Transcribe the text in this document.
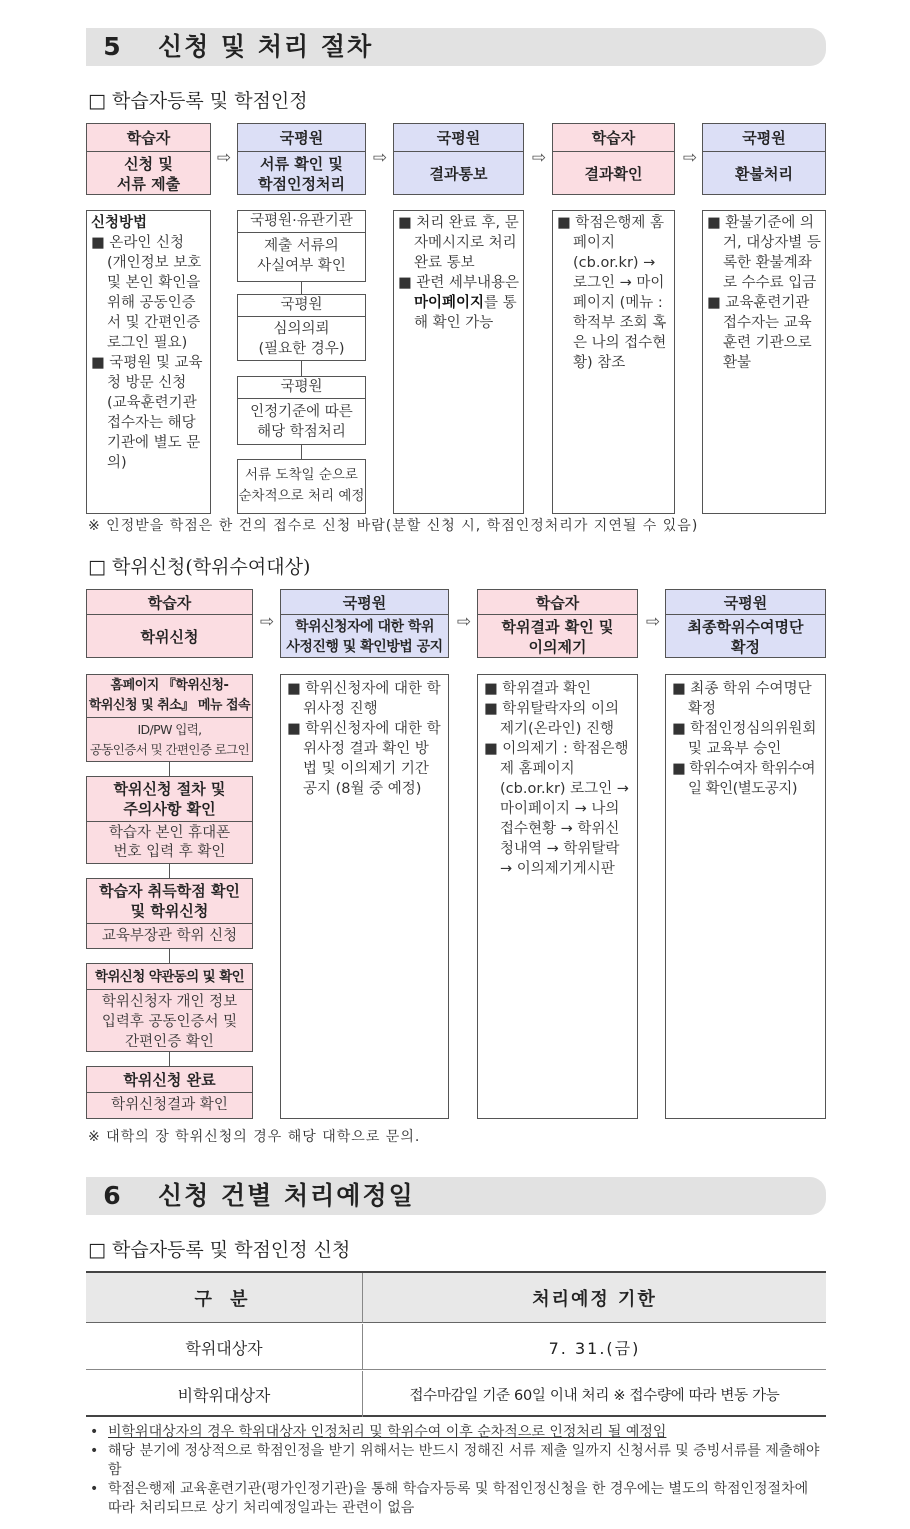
5	신청 및 처리 절차
□ 학습자등록 및 학점인정
학습자
신청 및
서류 제출
⇨
국평원
서류 확인 및
학점인정처리
⇨
국평원
결과통보
⇨
학습자
결과확인
⇨
국평원
환불처리

신청방법

■ 온라인 신청 (개인정보 보호 및 본인 확인을 위해 공동인증서 및 간편인증 로그인 필요)

■ 국평원 및 교육청 방문 신청 (교육훈련기관 접수자는 해당기관에 별도 문의)

국평원·유관기관
제출 서류의
사실여부 확인
국평원
심의의뢰
(필요한 경우)
국평원
인정기준에 따른
해당 학점처리
서류 도착일 순으로
순차적으로 처리 예정

■ 처리 완료 후, 문자메시지로 처리완료 통보

■ 관련 세부내용은
마이페이지를 통해 확인 가능

■ 학점은행제 홈페이지 (cb.or.kr) → 로그인 → 마이페이지 (메뉴 : 학적부 조회 혹은 나의 접수현황) 참조

■ 환불기준에 의거, 대상자별 등록한 환불계좌로 수수료 입금

■ 교육훈련기관 접수자는 교육훈련 기관으로 환불

※ 인정받을 학점은 한 건의 접수로 신청 바람(분할 신청 시, 학점인정처리가 지연될 수 있음)
□ 학위신청(학위수여대상)
학습자
학위신청
⇨
국평원
학위신청자에 대한 학위
사정진행 및 확인방법 공지
⇨
학습자
학위결과 확인 및
이의제기
⇨
국평원
최종학위수여명단
확정
홈페이지 『학위신청-
학위신청 및 취소』 메뉴 접속
ID/PW 입력,
공동인증서 및 간편인증 로그인
학위신청 절차 및
주의사항 확인
학습자 본인 휴대폰
번호 입력 후 확인
학습자 취득학점 확인
및 학위신청
교육부장관 학위 신청
학위신청 약관동의 및 확인
학위신청자 개인 정보
입력후 공동인증서 및
간편인증 확인
학위신청 완료
학위신청결과 확인

■ 학위신청자에 대한 학위사정 진행

■ 학위신청자에 대한 학위사정 결과 확인 방법 및 이의제기 기간 공지 (8월 중 예정)

■ 학위결과 확인

■ 학위탈락자의 이의제기(온라인) 진행

■ 이의제기 : 학점은행제 홈페이지(cb.or.kr) 로그인 → 마이페이지 → 나의접수현황 → 학위신청내역 → 학위탈락 → 이의제기게시판

■ 최종 학위 수여명단 확정

■ 학점인정심의위원회 및 교육부 승인

■ 학위수여자 학위수여일 확인(별도공지)

※ 대학의 장 학위신청의 경우 해당 대학으로 문의.
6	신청 건별 처리예정일
□ 학습자등록 및 학점인정 신청
구 분	처리예정 기한
학위대상자	7. 31.(금)
비학위대상자	접수마감일 기준 60일 이내 처리 ※ 접수량에 따라 변동 가능
• 비학위대상자의 경우 학위대상자 인정처리 및 학위수여 이후 순차적으로 인정처리 될 예정임
• 해당 분기에 정상적으로 학점인정을 받기 위해서는 반드시 정해진 서류 제출 일까지 신청서류 및 증빙서류를 제출해야 함
• 학점은행제 교육훈련기관(평가인정기관)을 통해 학습자등록 및 학점인정신청을 한 경우에는 별도의 학점인정절차에 따라 처리되므로 상기 처리예정일과는 관련이 없음
